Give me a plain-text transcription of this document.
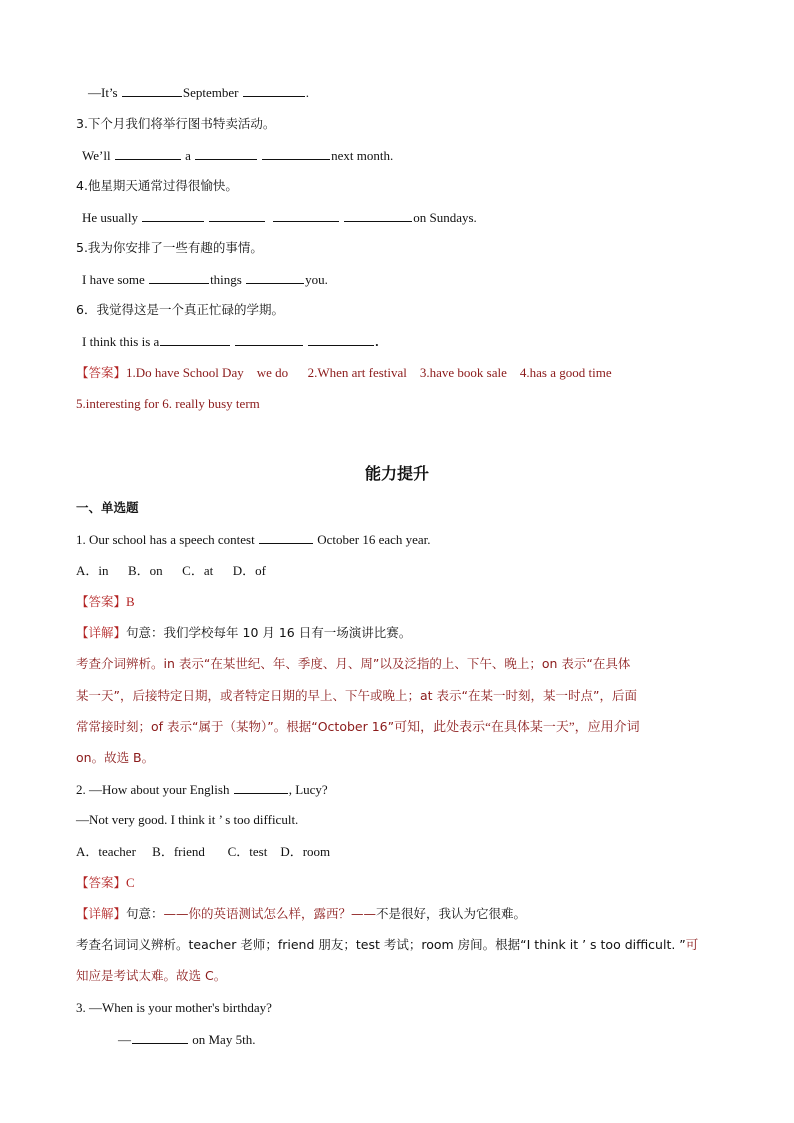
—It’s	September	.
3.下个月我们将举行图书特卖活动。
We’ll	a	next month.
4.他星期天通常过得很愉快。
He usually	on Sundays.
5.我为你安排了一些有趣的事情。
I have some	things	you.
6．我觉得这是一个真正忙碌的学期。
I think this is a	.
【答案】1.Do have School Day    we do      2.When art festival    3.have book sale    4.has a good time
5.interesting for 6. really busy term
能力提升
一、单选题
1. Our school has a speech contest	October 16 each year.
A．in      B．on      C．at      D．of
【答案】B
【详解】句意：我们学校每年 10 月 16 日有一场演讲比赛。
考查介词辨析。in 表示“在某世纪、年、季度、月、周”以及泛指的上、下午、晚上；on 表示“在具体
某一天”，后接特定日期，或者特定日期的早上、下午或晚上；at 表示“在某一时刻，某一时点”，后面
常常接时刻；of 表示“属于（某物）”。根据“October 16”可知，此处表示“在具体某一天”，应用介词
on。故选 B。
2. —How about your English	, Lucy?
—Not very good. I think it ’ s too difficult.
A．teacher     B．friend       C．test    D．room
【答案】C
【详解】句意：——你的英语测试怎么样，露西？——不是很好，我认为它很难。
考查名词词义辨析。teacher 老师；friend 朋友；test 考试；room 房间。根据“I think it ’ s too difficult. ”可
知应是考试太难。故选 C。
3. —When is your mother's birthday?
—	on May 5th.
